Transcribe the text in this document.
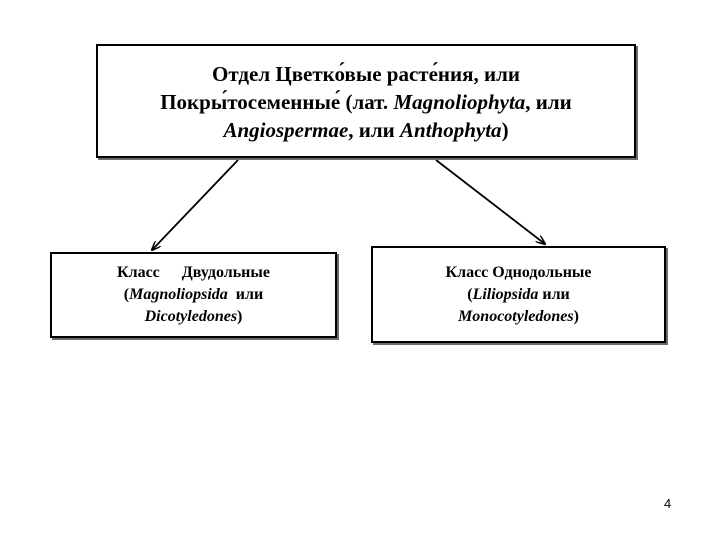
Отдел Цветко́вые расте́ния, или
Покры́тосеменные́ (лат. Magnoliophyta, или
Angiospermae, или Anthophyta)
Класс Двудольные
(Magnoliopsida или
Dicotyledones)
Класс Однодольные
(Liliopsida или
Monocotyledones)
4
